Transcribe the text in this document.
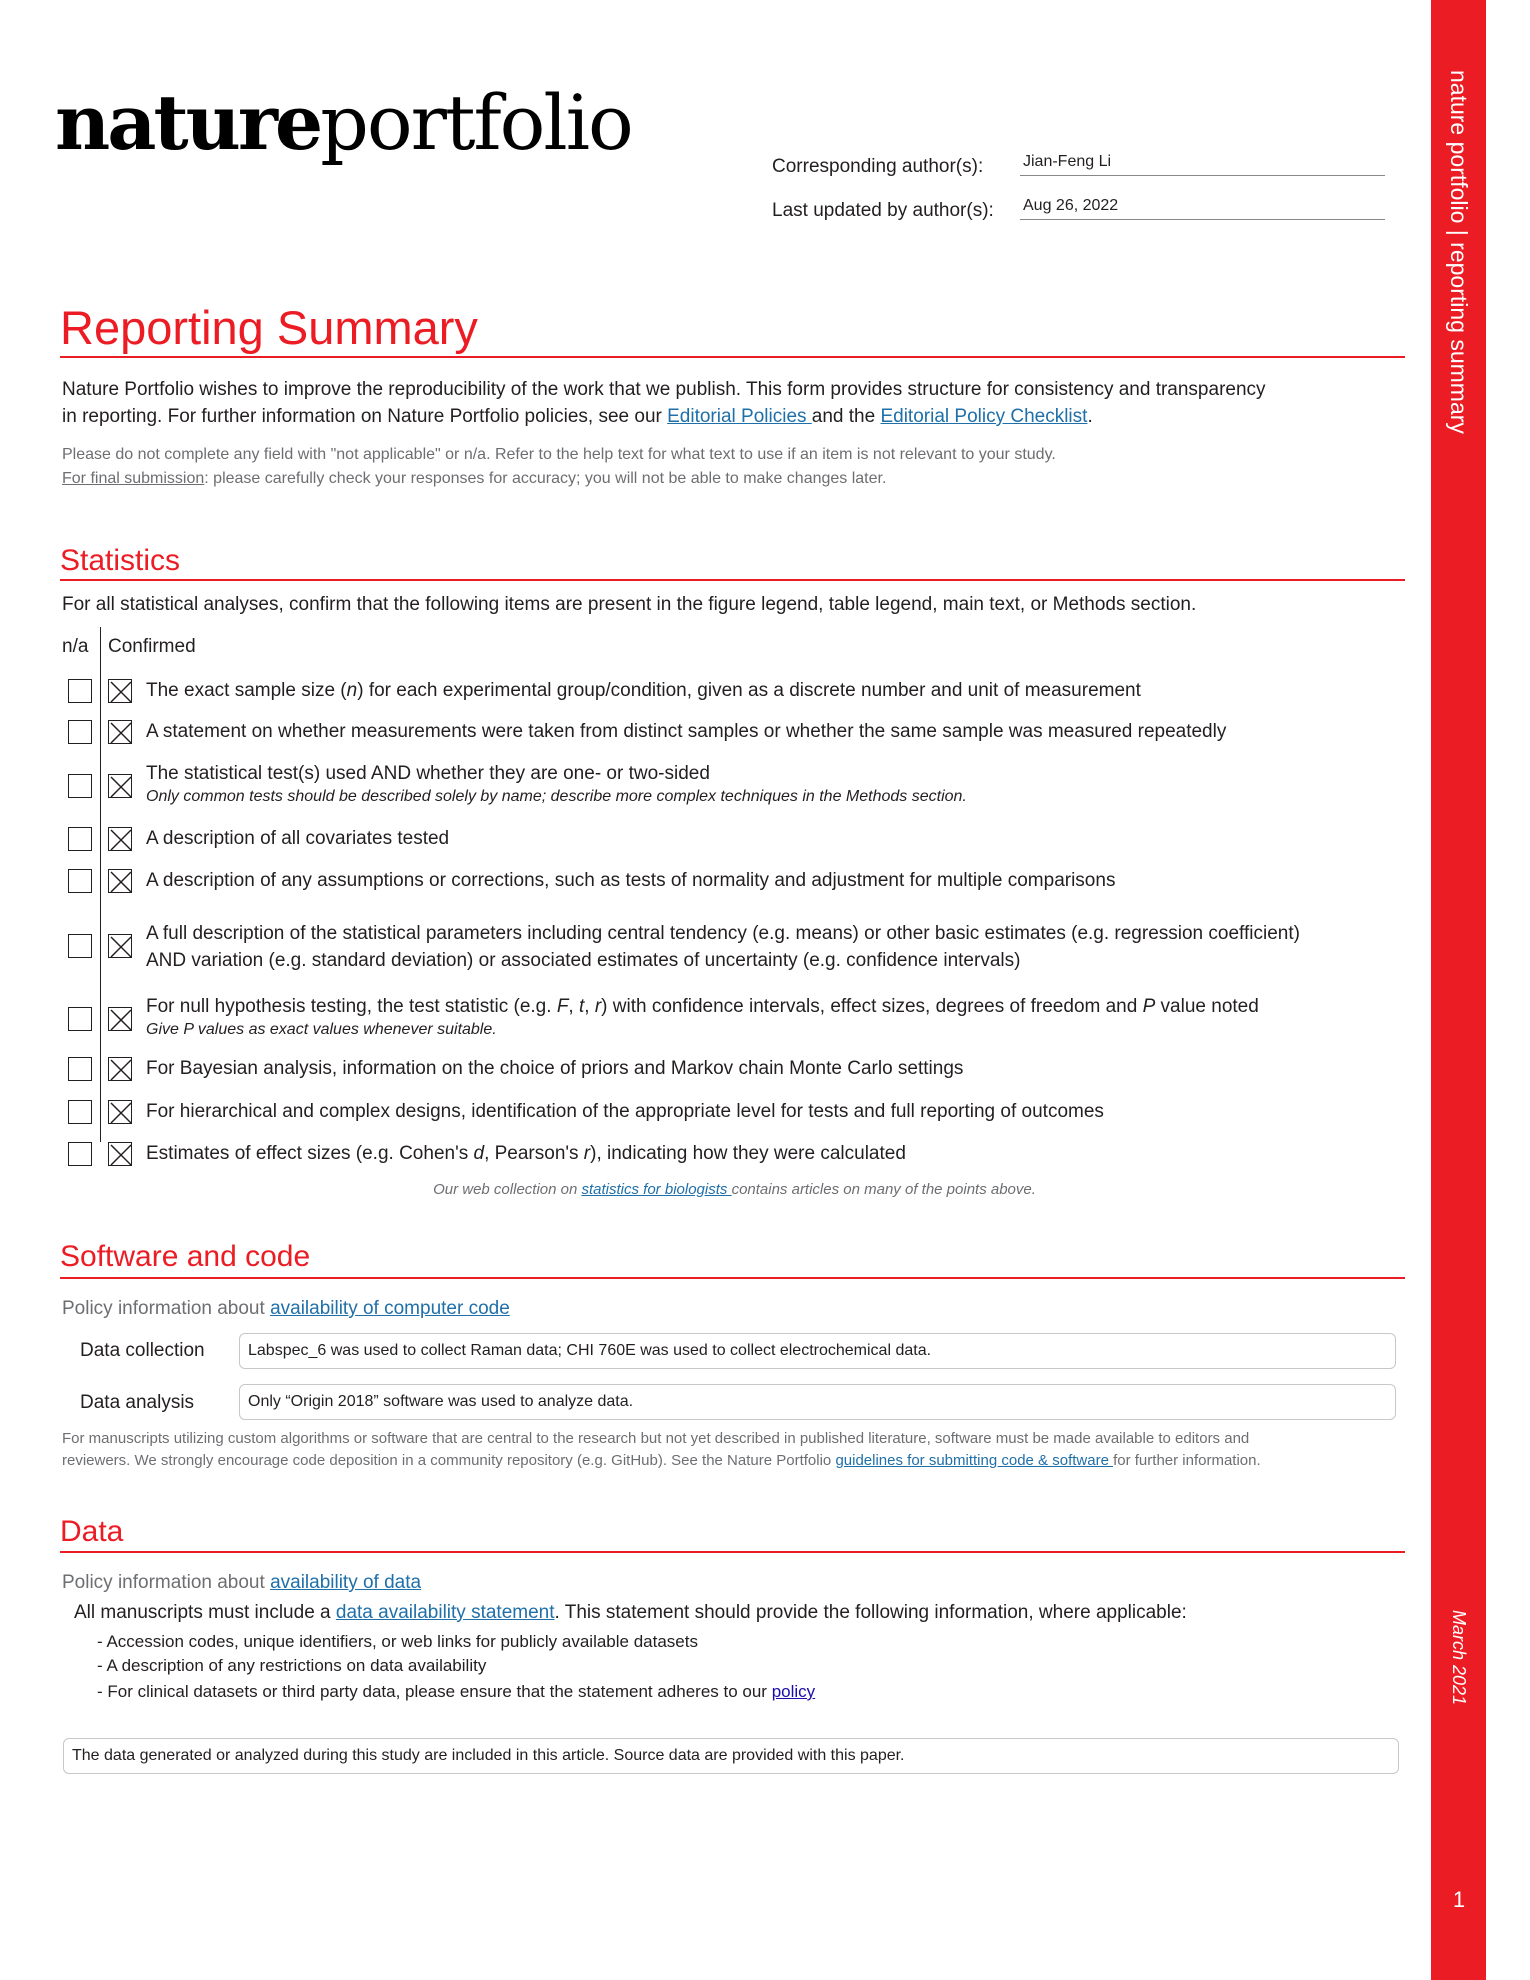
nature portfolio | reporting summary
March 2021
1
natureportfolio	Corresponding author(s): Jian-Feng Li
Last updated by author(s): Aug 26, 2022
Reporting Summary
Nature Portfolio wishes to improve the reproducibility of the work that we publish. This form provides structure for consistency and transparency
in reporting. For further information on Nature Portfolio policies, see our Editorial Policies and the Editorial Policy Checklist.
Please do not complete any field with "not applicable" or n/a. Refer to the help text for what text to use if an item is not relevant to your study.
For final submission: please carefully check your responses for accuracy; you will not be able to make changes later.
Statistics
For all statistical analyses, confirm that the following items are present in the figure legend, table legend, main text, or Methods section.
n/a Confirmed
The exact sample size (n) for each experimental group/condition, given as a discrete number and unit of measurement
A statement on whether measurements were taken from distinct samples or whether the same sample was measured repeatedly
The statistical test(s) used AND whether they are one- or two-sided
Only common tests should be described solely by name; describe more complex techniques in the Methods section.
A description of all covariates tested
A description of any assumptions or corrections, such as tests of normality and adjustment for multiple comparisons
A full description of the statistical parameters including central tendency (e.g. means) or other basic estimates (e.g. regression coefficient)
AND variation (e.g. standard deviation) or associated estimates of uncertainty (e.g. confidence intervals)
For null hypothesis testing, the test statistic (e.g. F, t, r) with confidence intervals, effect sizes, degrees of freedom and P value noted
Give P values as exact values whenever suitable.
For Bayesian analysis, information on the choice of priors and Markov chain Monte Carlo settings
For hierarchical and complex designs, identification of the appropriate level for tests and full reporting of outcomes
Estimates of effect sizes (e.g. Cohen's d, Pearson's r), indicating how they were calculated
Our web collection on statistics for biologists contains articles on many of the points above.
Software and code
Policy information about availability of computer code
Data collection	Labspec_6 was used to collect Raman data; CHI 760E was used to collect electrochemical data.
Data analysis	Only “Origin 2018” software was used to analyze data.
For manuscripts utilizing custom algorithms or software that are central to the research but not yet described in published literature, software must be made available to editors and
reviewers. We strongly encourage code deposition in a community repository (e.g. GitHub). See the Nature Portfolio guidelines for submitting code & software for further information.
Data
Policy information about availability of data
All manuscripts must include a data availability statement. This statement should provide the following information, where applicable:
- Accession codes, unique identifiers, or web links for publicly available datasets
- A description of any restrictions on data availability
- For clinical datasets or third party data, please ensure that the statement adheres to our policy
The data generated or analyzed during this study are included in this article. Source data are provided with this paper.
